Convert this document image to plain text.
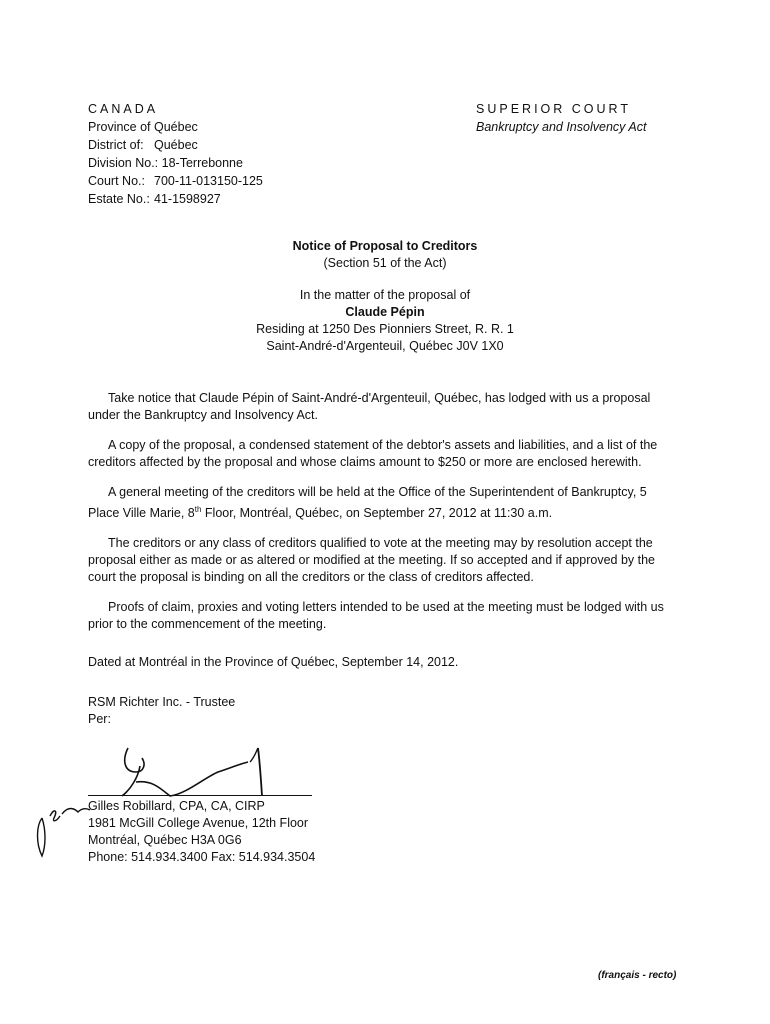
CANADA
Province of Québec
District of: Québec
Division No.: 18-Terrebonne
Court No.: 700-11-013150-125
Estate No.: 41-1598927
SUPERIOR COURT
Bankruptcy and Insolvency Act
Notice of Proposal to Creditors
(Section 51 of the Act)
In the matter of the proposal of
Claude Pépin
Residing at 1250 Des Pionniers Street, R. R. 1
Saint-André-d'Argenteuil, Québec J0V 1X0

Take notice that Claude Pépin of Saint-André-d'Argenteuil, Québec, has lodged with us a proposal under the Bankruptcy and Insolvency Act.

A copy of the proposal, a condensed statement of the debtor's assets and liabilities, and a list of the creditors affected by the proposal and whose claims amount to $250 or more are enclosed herewith.

A general meeting of the creditors will be held at the Office of the Superintendent of Bankruptcy, 5 Place Ville Marie, 8th Floor, Montréal, Québec, on September 27, 2012 at 11:30 a.m.

The creditors or any class of creditors qualified to vote at the meeting may by resolution accept the proposal either as made or as altered or modified at the meeting. If so accepted and if approved by the court the proposal is binding on all the creditors or the class of creditors affected.

Proofs of claim, proxies and voting letters intended to be used at the meeting must be lodged with us prior to the commencement of the meeting.

Dated at Montréal in the Province of Québec, September 14, 2012.
RSM Richter Inc. - Trustee
Per:
Gilles Robillard, CPA, CA, CIRP
1981 McGill College Avenue, 12th Floor
Montréal, Québec H3A 0G6
Phone: 514.934.3400 Fax: 514.934.3504
(français - recto)
